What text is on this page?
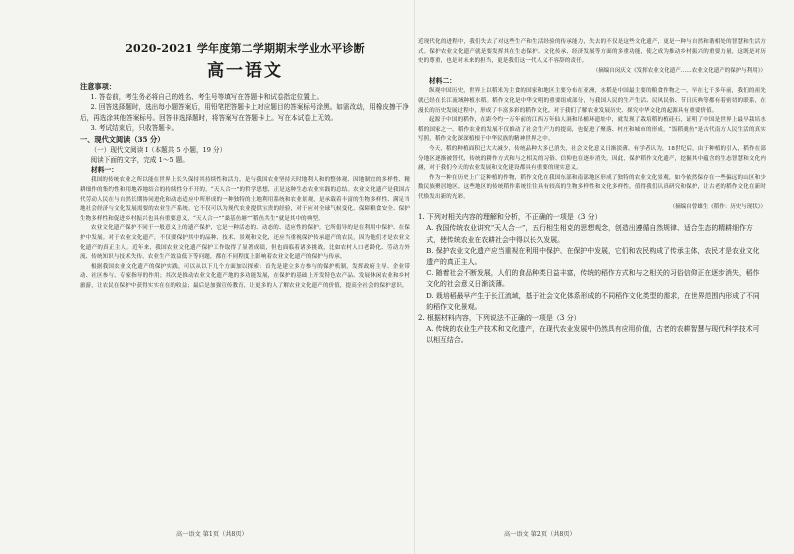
2020-2021 学年度第二学期期末学业水平诊断
高一语文
注意事项：

1. 答卷前，考生务必将自己的姓名、考生号等填写在答题卡和试卷指定位置上。

2. 回答选择题时，选出每小题答案后，用铅笔把答题卡上对应题目的答案标号涂黑。如需改动，用橡皮擦干净后，再选涂其他答案标号。回答非选择题时，将答案写在答题卡上。写在本试卷上无效。

3. 考试结束后，只收答题卡。

一、现代文阅读（35 分）

（一）现代文阅读 I（本题共 5 小题，19 分）

阅读下面的文字，完成 1～5 题。

材料一：

我国的传统农业之所以能在世界上长久保持其持续性和活力，是与我国农业坚持天时地利人和的整体观、因地制宜的多样性、精耕细作的集约性和用地养地结合的持续性分不开的，“天人合一”的哲学思想，正是这种生态农业实践的总结。农业文化遗产是我国古代劳动人民在与自然长期协同进化和动态适应中所形成的一种独特的土地利用系统和农业景观，是承载着丰富的生物多样性、满足当地社会经济与文化发展需要的农业生产系统。它不仅可以为现代农业提供宝贵的经验，对于应对全球气候变化、保障粮食安全、保护生物多样性和促进乡村振兴也具有重要意义，“天人合一”“桑基鱼塘”“稻鱼共生”就是其中的典型。

农业文化遗产保护不同于一般意义上的遗产保护，它是一种活态的、动态的、适应性的保护。它所倡导的是在利用中保护、在保护中发展。对于农业文化遗产，不仅要保护其中的品种、技术、景观和文化，还应当重视保护传承遗产的农民，因为他们才是农业文化遗产的真正主人。近年来，我国农业文化遗产保护工作取得了显著成绩，但也面临着诸多挑战，比如农村人口老龄化、劳动力外流、传统知识与技术失传、农业生产效益低下等问题，都在不同程度上影响着农业文化遗产的保护与传承。

根据我国农业文化遗产的保护实践，可以从以下几个方面加以探索：首先是建立多方参与的保护机制，发挥政府主导、企业带动、社区参与、专家指导的作用；其次是推动农业文化遗产地的多功能发展，在保护的基础上开发特色农产品、发展休闲农业和乡村旅游，让农民在保护中获得实实在在的收益；最后是加强宣传教育，让更多的人了解农业文化遗产的价值，提高全社会的保护意识。

高一语文 第1页（共8页）

近现代化的进程中，我们失去了对这些生产和生活经验的传承能力，失去的不仅是这些文化遗产，更是一种与自然和谐相处的智慧和生活方式。保护农业文化遗产就是要发挥其在生态保护、文化传承、经济发展等方面的多重功能，使之成为推动乡村振兴的重要力量，这既是对历史的尊重，也是对未来的担当，更是我们这一代人义不容辞的责任。

（摘编自闵庆文《发挥农业文化遗产……农业文化遗产的保护与利用》）

材料二：

纵观中国历史，世界上以稻米为主食的国家和地区主要分布在亚洲，水稻是中国最主要的粮食作物之一，早在七千多年前，我们的祖先就已经在长江流域种植水稻。稻作文化是中华文明的重要组成部分，与我国人民的生产生活、民风民俗、节日庆典等都有着密切的联系，在漫长的历史发展过程中，形成了丰富多彩的稻作文化，对于我们了解农业发展历史、探究中华文化的起源具有重要价值。

起源于中国的稻作，在距今约一万年前的江西万年仙人洞和吊桶环遗址中，就发现了栽培稻的植硅石，证明了中国是世界上最早栽培水稻的国家之一。稻作农业的发展不仅推动了社会生产力的提高，也促进了聚落、村庄和城市的形成，“饭稻羹鱼”是古代南方人民生活的真实写照，稻作文化深深植根于中华民族的精神世界之中。

今天，稻的种植面积已大大减少，传统品种大多已消失，社会文化意义日渐淡薄。有学者认为，18世纪后，由于种植的引入，稻作在部分地区逐渐被替代，传统的耕作方式和与之相关的习俗、信仰也在逐步消失。因此，保护稻作文化遗产，挖掘其中蕴含的生态智慧和文化内涵，对于我们今天的农业发展和文化建设都具有重要的现实意义。

作为一种在历史上广泛种植的作物，稻作文化在我国东部和南部地区形成了独特的农业文化景观，如今依然保存在一些偏远的山区和少数民族聚居地区，这些地区的传统稻作系统往往具有较高的生物多样性和文化多样性，值得我们认真研究和保护，让古老的稻作文化在新时代焕发出新的光彩。

（摘编自曾雄生《稻作：历史与现状》）

1. 下列对相关内容的理解和分析，不正确的一项是（3 分）

A. 我国传统农业讲究“天人合一”，五行相生相克的思想观念，创造出遵循自然规律、适合生态的精耕细作方式，使传统农业在农耕社会中得以长久发展。

B. 保护农业文化遗产应当重视在利用中保护、在保护中发展，它们和农民构成了传承主体，农民才是农业文化遗产的真正主人。

C. 随着社会不断发展，人们的食品种类日益丰富，传统的稻作方式和与之相关的习俗信仰正在逐步消失，稻作文化的社会意义日渐淡薄。

D. 栽培稻最早产生于长江流域，基于社会文化体系形成的不同稻作文化类型的需求，在世界范围内形成了不同的稻作文化景观。

2. 根据材料内容，下列说法不正确的一项是（3 分）

A. 传统的农业生产技术和文化遗产，在现代农业发展中仍然具有应用价值，古老的农耕智慧与现代科学技术可以相互结合。

高一语文 第2页（共8页）
